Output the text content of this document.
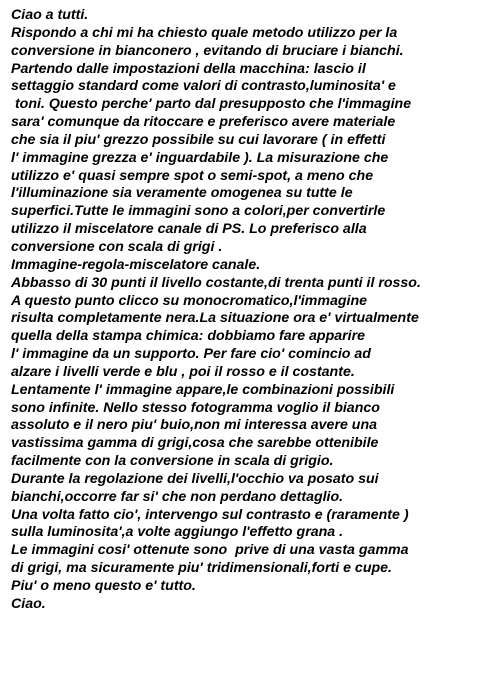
Ciao a tutti.
Rispondo a chi mi ha chiesto quale metodo utilizzo per la
conversione in bianconero , evitando di bruciare i bianchi.
Partendo dalle impostazioni della macchina: lascio il
settaggio standard come valori di contrasto,luminosita' e
toni. Questo perche' parto dal presupposto che l'immagine
sara' comunque da ritoccare e preferisco avere materiale
che sia il piu' grezzo possibile su cui lavorare ( in effetti
l' immagine grezza e' inguardabile ). La misurazione che
utilizzo e' quasi sempre spot o semi-spot, a meno che
l'illuminazione sia veramente omogenea su tutte le
superfici.Tutte le immagini sono a colori,per convertirle
utilizzo il miscelatore canale di PS. Lo preferisco alla
conversione con scala di grigi .
Immagine-regola-miscelatore canale.
Abbasso di 30 punti il livello costante,di trenta punti il rosso.
A questo punto clicco su monocromatico,l'immagine
risulta completamente nera.La situazione ora e' virtualmente
quella della stampa chimica: dobbiamo fare apparire
l' immagine da un supporto. Per fare cio' comincio ad
alzare i livelli verde e blu , poi il rosso e il costante.
Lentamente l' immagine appare,le combinazioni possibili
sono infinite. Nello stesso fotogramma voglio il bianco
assoluto e il nero piu' buio,non mi interessa avere una
vastissima gamma di grigi,cosa che sarebbe ottenibile
facilmente con la conversione in scala di grigio.
Durante la regolazione dei livelli,l'occhio va posato sui
bianchi,occorre far si' che non perdano dettaglio.
Una volta fatto cio', intervengo sul contrasto e (raramente )
sulla luminosita',a volte aggiungo l'effetto grana .
Le immagini cosi' ottenute sono  prive di una vasta gamma
di grigi, ma sicuramente piu' tridimensionali,forti e cupe.
Piu' o meno questo e' tutto.
Ciao.
